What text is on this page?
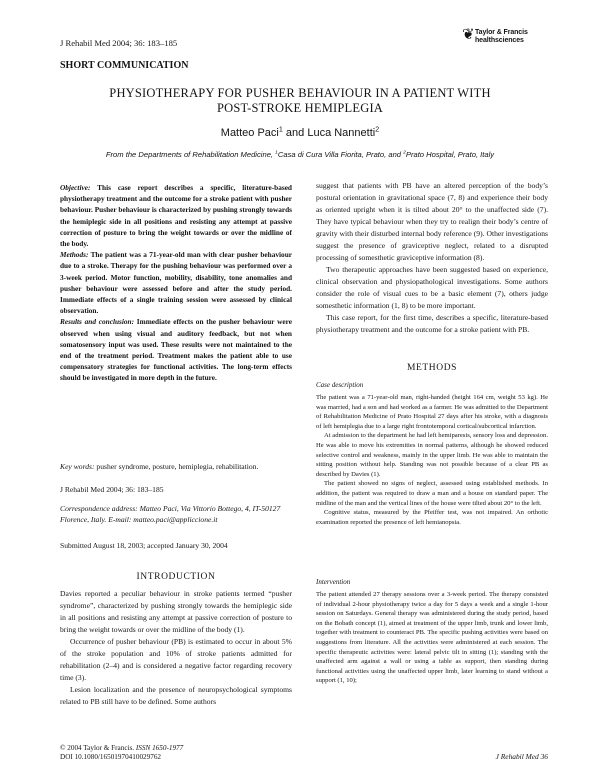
J Rehabil Med 2004; 36: 183–185	❦ Taylor & Francis
healthsciences
SHORT COMMUNICATION
PHYSIOTHERAPY FOR PUSHER BEHAVIOUR IN A PATIENT WITH
POST-STROKE HEMIPLEGIA
Matteo Paci$^1$ and Luca Nannetti$^2$
From the Departments of Rehabilitation Medicine, $^1$Casa di Cura Villa Fiorita, Prato, and $^2$Prato Hospital, Prato, Italy

Objective: This case report describes a specific, literature-based physiotherapy treatment and the outcome for a stroke patient with pusher behaviour. Pusher behaviour is characterized by pushing strongly towards the hemiplegic side in all positions and resisting any attempt at passive correction of posture to bring the weight towards or over the midline of the body.

Methods: The patient was a 71-year-old man with clear pusher behaviour due to a stroke. Therapy for the pushing behaviour was performed over a 3-week period. Motor function, mobility, disability, tone anomalies and pusher behaviour were assessed before and after the study period. Immediate effects of a single training session were assessed by clinical observation.

Results and conclusion: Immediate effects on the pusher behaviour were observed when using visual and auditory feedback, but not when somatosensory input was used. These results were not maintained to the end of the treatment period. Treatment makes the patient able to use compensatory strategies for functional activities. The long-term effects should be investigated in more depth in the future.

Key words: pusher syndrome, posture, hemiplegia, rehabilitation.
J Rehabil Med 2004; 36: 183–185
Correspondence address: Matteo Paci, Via Vittorio Bottego, 4, IT-50127 Florence, Italy. E-mail: matteo.paci@appliccione.it
Submitted August 18, 2003; accepted January 30, 2004
INTRODUCTION

Davies reported a peculiar behaviour in stroke patients termed “pusher syndrome”, characterized by pushing strongly towards the hemiplegic side in all positions and resisting any attempt at passive correction of posture to bring the weight towards or over the midline of the body (1).

Occurrence of pusher behaviour (PB) is estimated to occur in about 5% of the stroke population and 10% of stroke patients admitted for rehabilitation (2–4) and is considered a negative factor regarding recovery time (3).

Lesion localization and the presence of neuropsychological symptoms related to PB still have to be defined. Some authors

suggest that patients with PB have an altered perception of the body’s postural orientation in gravitational space (7, 8) and experience their body as oriented upright when it is tilted about 20° to the unaffected side (7). They have typical behaviour when they try to realign their body’s centre of gravity with their disturbed internal body reference (9). Other investigations suggest the presence of graviceptive neglect, related to a disrupted processing of somesthetic graviceptive information (8).

Two therapeutic approaches have been suggested based on experience, clinical observation and physiopathological investigations. Some authors consider the role of visual cues to be a basic element (7), others judge somesthetic information (1, 8) to be more important.

This case report, for the first time, describes a specific, literature-based physiotherapy treatment and the outcome for a stroke patient with PB.

METHODS
Case description

The patient was a 71-year-old man, right-handed (height 164 cm, weight 53 kg). He was married, had a son and had worked as a farmer. He was admitted to the Department of Rehabilitation Medicine of Prato Hospital 27 days after his stroke, with a diagnosis of left hemiplegia due to a large right frontotemporal cortical/subcortical infarction.

At admission to the department he had left hemiparesis, sensory loss and depression. He was able to move his extremities in normal patterns, although he showed reduced selective control and weakness, mainly in the upper limb. He was able to maintain the sitting position without help. Standing was not possible because of a clear PB as described by Davies (1).

The patient showed no signs of neglect, assessed using established methods. In addition, the patient was required to draw a man and a house on standard paper. The midline of the man and the vertical lines of the house were tilted about 20° to the left.

Cognitive status, measured by the Pfeiffer test, was not impaired. An orthotic examination reported the presence of left hemianopsia.

Intervention

The patient attended 27 therapy sessions over a 3-week period. The therapy consisted of individual 2-hour physiotherapy twice a day for 5 days a week and a single 1-hour session on Saturdays. General therapy was administered during the study period, based on the Bobath concept (1), aimed at treatment of the upper limb, trunk and lower limb, together with treatment to counteract PB. The specific pushing activities were based on suggestions from literature. All the activities were administered at each session. The specific therapeutic activities were: lateral pelvic tilt in sitting (1); standing with the unaffected arm against a wall or using a table as support, then standing during functional activities using the unaffected upper limb, later learning to stand without a support (1, 10);

© 2004 Taylor & Francis. ISSN 1650-1977
DOI 10.1080/16501970410029762	J Rehabil Med 36
